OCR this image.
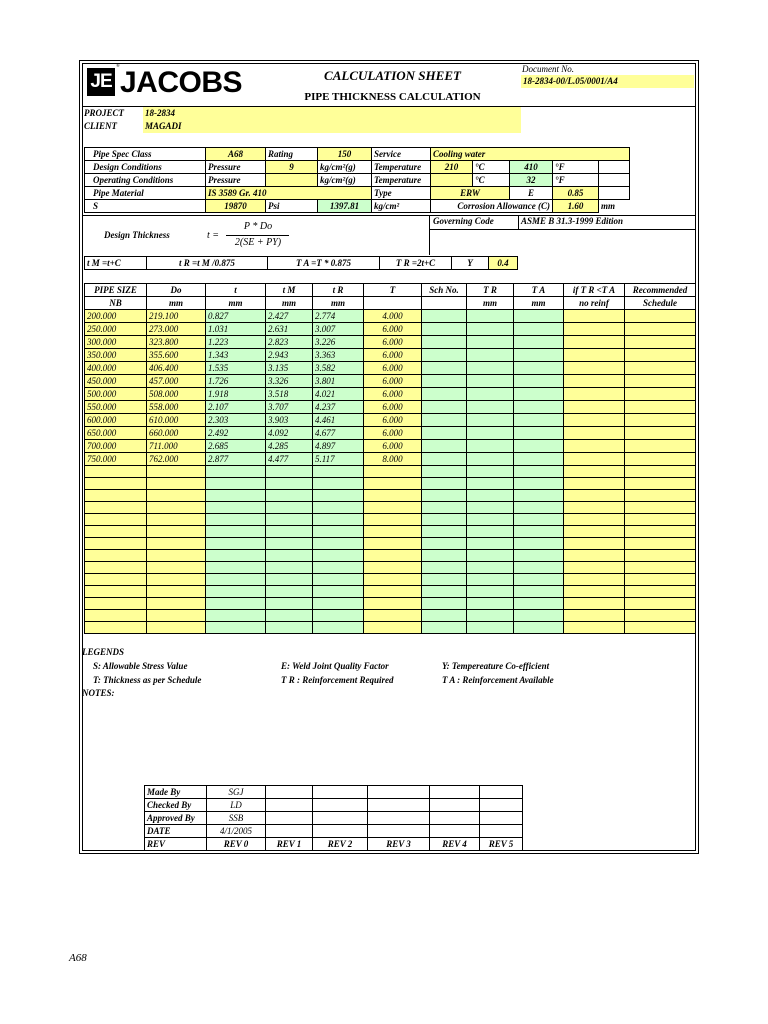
JE
® JACOBS	CALCULATION SHEET
PIPE THICKNESS CALCULATION
Document No.
18-2834-00/L.05/0001/A4
PROJECT 18-2834
CLIENT	MAGADI
Pipe Spec Class	A68	Rating	150	Service	Cooling water				
Design Conditions	Pressure	9	kg/cm²(g)	Temperature	210	°C	410	°F	
Operating Conditions	Pressure		kg/cm²(g)	Temperature		°C	32	°F	
Pipe Material	IS 3589 Gr. 410			Type	ERW		E	0.85	
S	19870	Psi	1397.81	kg/cm²	Corrosion Allowance (C)			1.60	mm
Design Thickness	t =
P * Do
2(SE + PY)
Governing Code	ASME B 31.3-1999 Edition
t M =t+C	t R =t M /0.875	T A =T * 0.875	T R =2t+C	Y	0.4
PIPE SIZE	Do	t	t M	t R	T	Sch No.	T R	T A	if T R <T A	Recommended
NB	mm	mm	mm	mm			mm	mm	no reinf	Schedule
200.000	219.100	0.827	2.427	2.774	4.000					
250.000	273.000	1.031	2.631	3.007	6.000					
300.000	323.800	1.223	2.823	3.226	6.000					
350.000	355.600	1.343	2.943	3.363	6.000					
400.000	406.400	1.535	3.135	3.582	6.000					
450.000	457.000	1.726	3.326	3.801	6.000					
500.000	508.000	1.918	3.518	4.021	6.000					
550.000	558.000	2.107	3.707	4.237	6.000					
600.000	610.000	2.303	3.903	4.461	6.000					
650.000	660.000	2.492	4.092	4.677	6.000					
700.000	711.000	2.685	4.285	4.897	6.000					
750.000	762.000	2.877	4.477	5.117	8.000					

LEGENDS
S: Allowable Stress Value
T: Thickness as per Schedule
E: Weld Joint Quality Factor
T R : Reinforcement Required
Y: Tempereature Co-efficient
T A : Reinforcement Available
NOTES:
Made By	SGJ					
Checked By	LD					
Approved By	SSB					
DATE	4/1/2005					
REV	REV 0	REV 1	REV 2	REV 3	REV 4	REV 5
A68
